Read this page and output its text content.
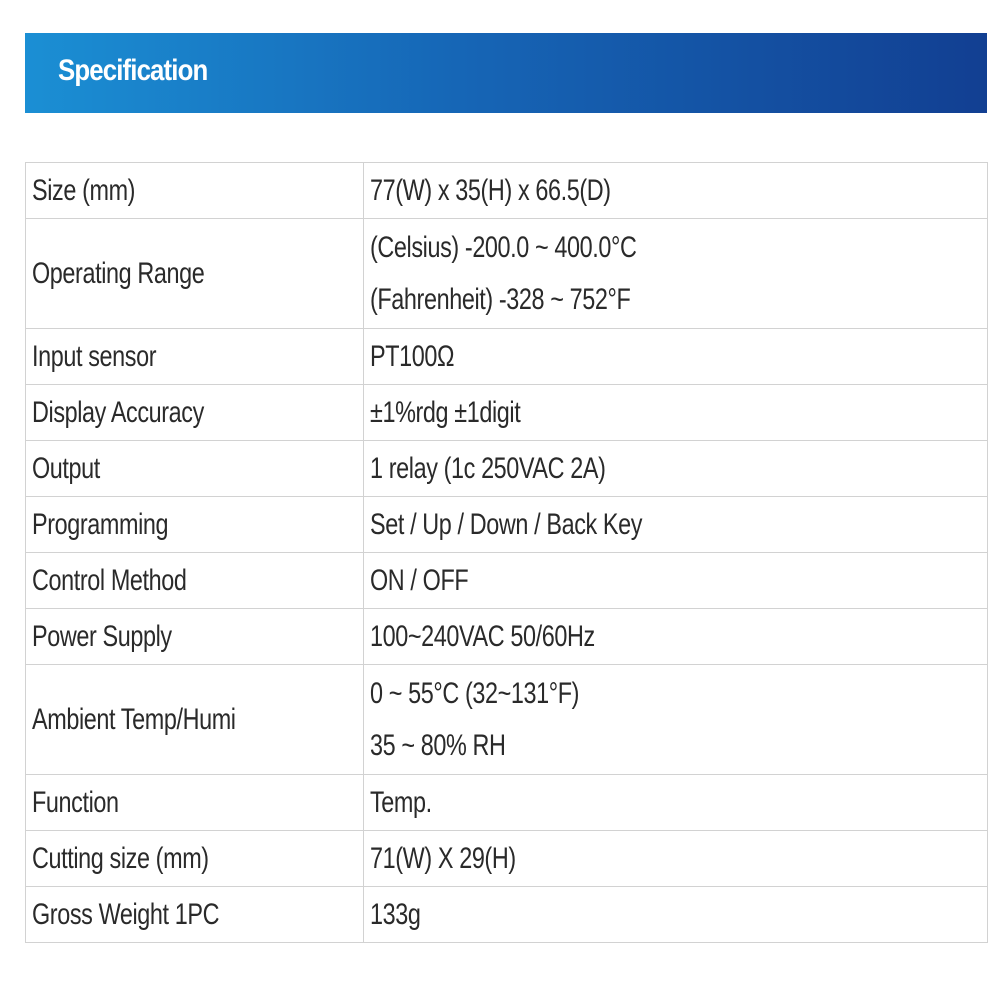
Specification
Size (mm)	77(W) x 35(H) x 66.5(D)
Operating Range	(Celsius) -200.0 ~ 400.0°C
(Fahrenheit) -328 ~ 752°F

Input sensor	PT100Ω
Display Accuracy	±1%rdg ±1digit
Output	1 relay (1c 250VAC 2A)
Programming	Set / Up / Down / Back Key
Control Method	ON / OFF
Power Supply	100~240VAC 50/60Hz
Ambient Temp/Humi	0 ~ 55°C (32~131°F)
35 ~ 80% RH

Function	Temp.
Cutting size (mm)	71(W) X 29(H)
Gross Weight 1PC	133g
